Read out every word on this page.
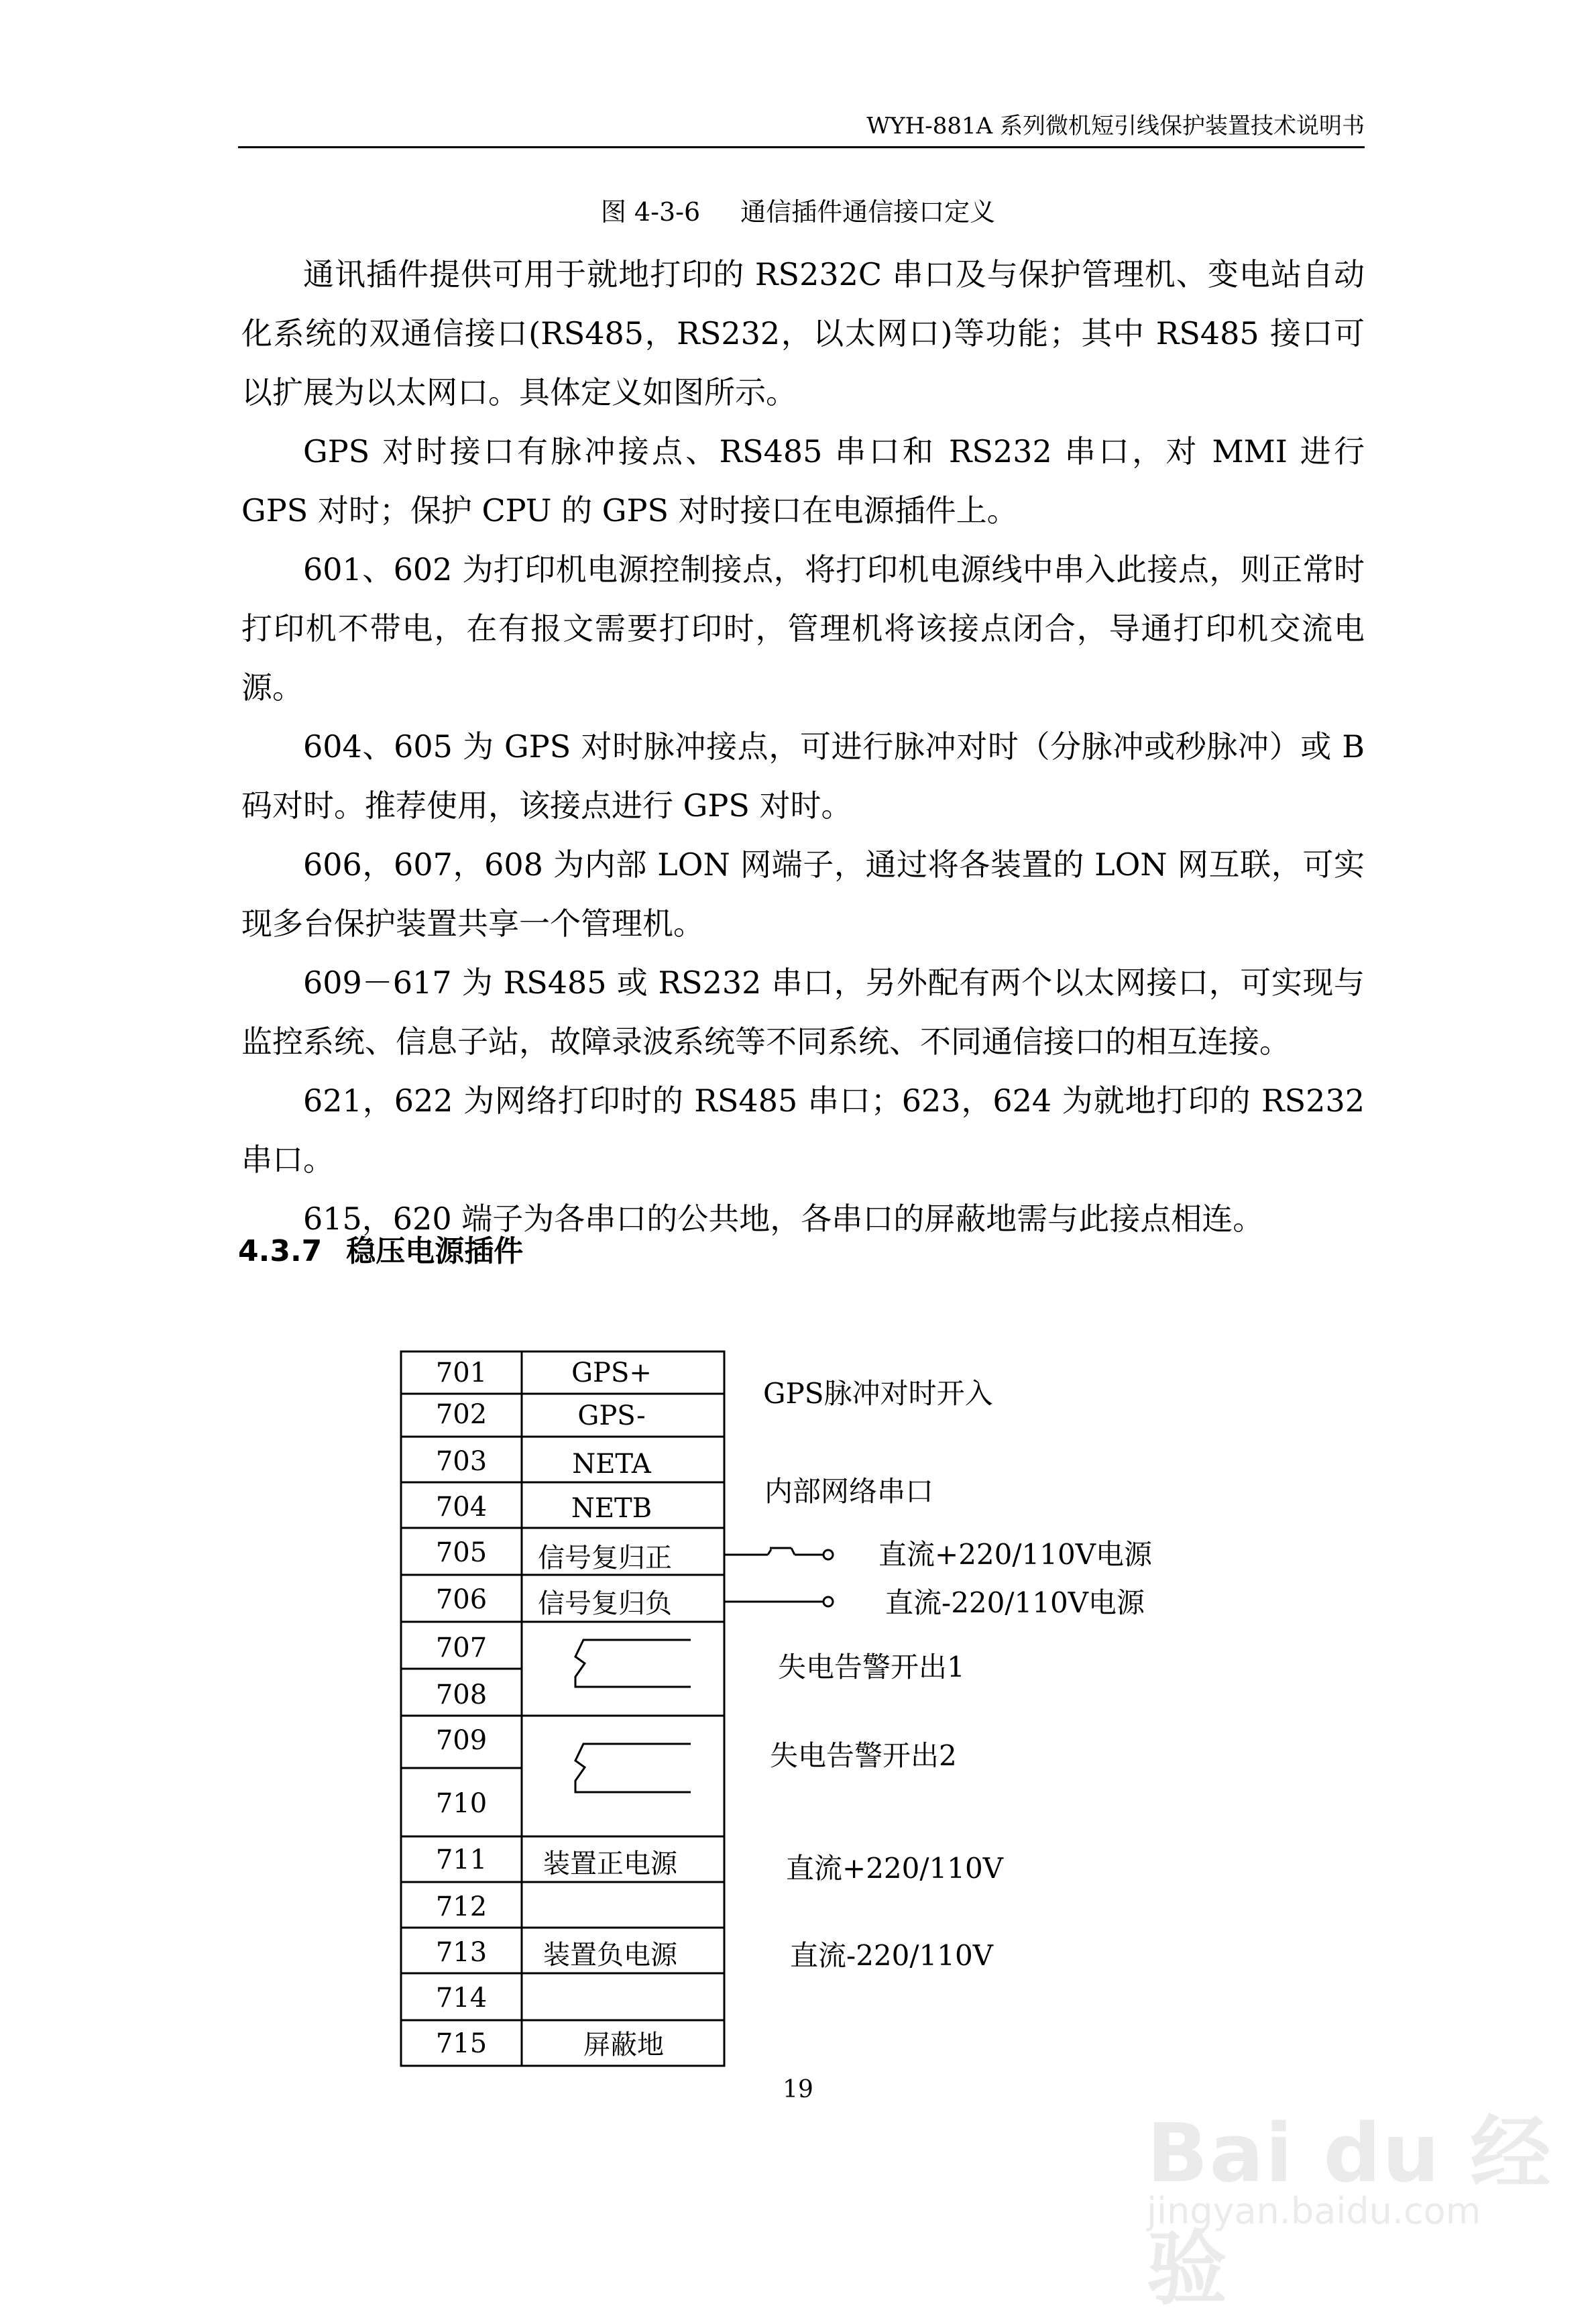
WYH-881A 系列微机短引线保护装置技术说明书
图 4-3-6 通信插件通信接口定义

通讯插件提供可用于就地打印的 RS232C 串口及与保护管理机、变电站自动化系统的双通信接口(RS485，RS232，以太网口)等功能；其中 RS485 接口可以扩展为以太网口。具体定义如图所示。

GPS 对时接口有脉冲接点、RS485 串口和 RS232 串口，对 MMI 进行 GPS 对时；保护 CPU 的 GPS 对时接口在电源插件上。

601、602 为打印机电源控制接点，将打印机电源线中串入此接点，则正常时打印机不带电，在有报文需要打印时，管理机将该接点闭合，导通打印机交流电源。

604、605 为 GPS 对时脉冲接点，可进行脉冲对时（分脉冲或秒脉冲）或 B 码对时。推荐使用，该接点进行 GPS 对时。

606，607，608 为内部 LON 网端子，通过将各装置的 LON 网互联，可实现多台保护装置共享一个管理机。

609－617 为 RS485 或 RS232 串口，另外配有两个以太网接口，可实现与监控系统、信息子站，故障录波系统等不同系统、不同通信接口的相互连接。

621，622 为网络打印时的 RS485 串口；623，624 为就地打印的 RS232 串口。

615，620 端子为各串口的公共地，各串口的屏蔽地需与此接点相连。

4.3.7 稳压电源插件
701
702
703
704
705
706
707
708
709
710
711
712
713
714
715
GPS+
GPS-
NETA
NETB
信号复归正
信号复归负
装置正电源
装置负电源
屏蔽地
GPS脉冲对时开入
内部网络串口
直流+220/110V电源
直流-220/110V电源
失电告警开出1
失电告警开出2
直流+220/110V
直流-220/110V
19
Bai du 经验
jingyan.baidu.com
